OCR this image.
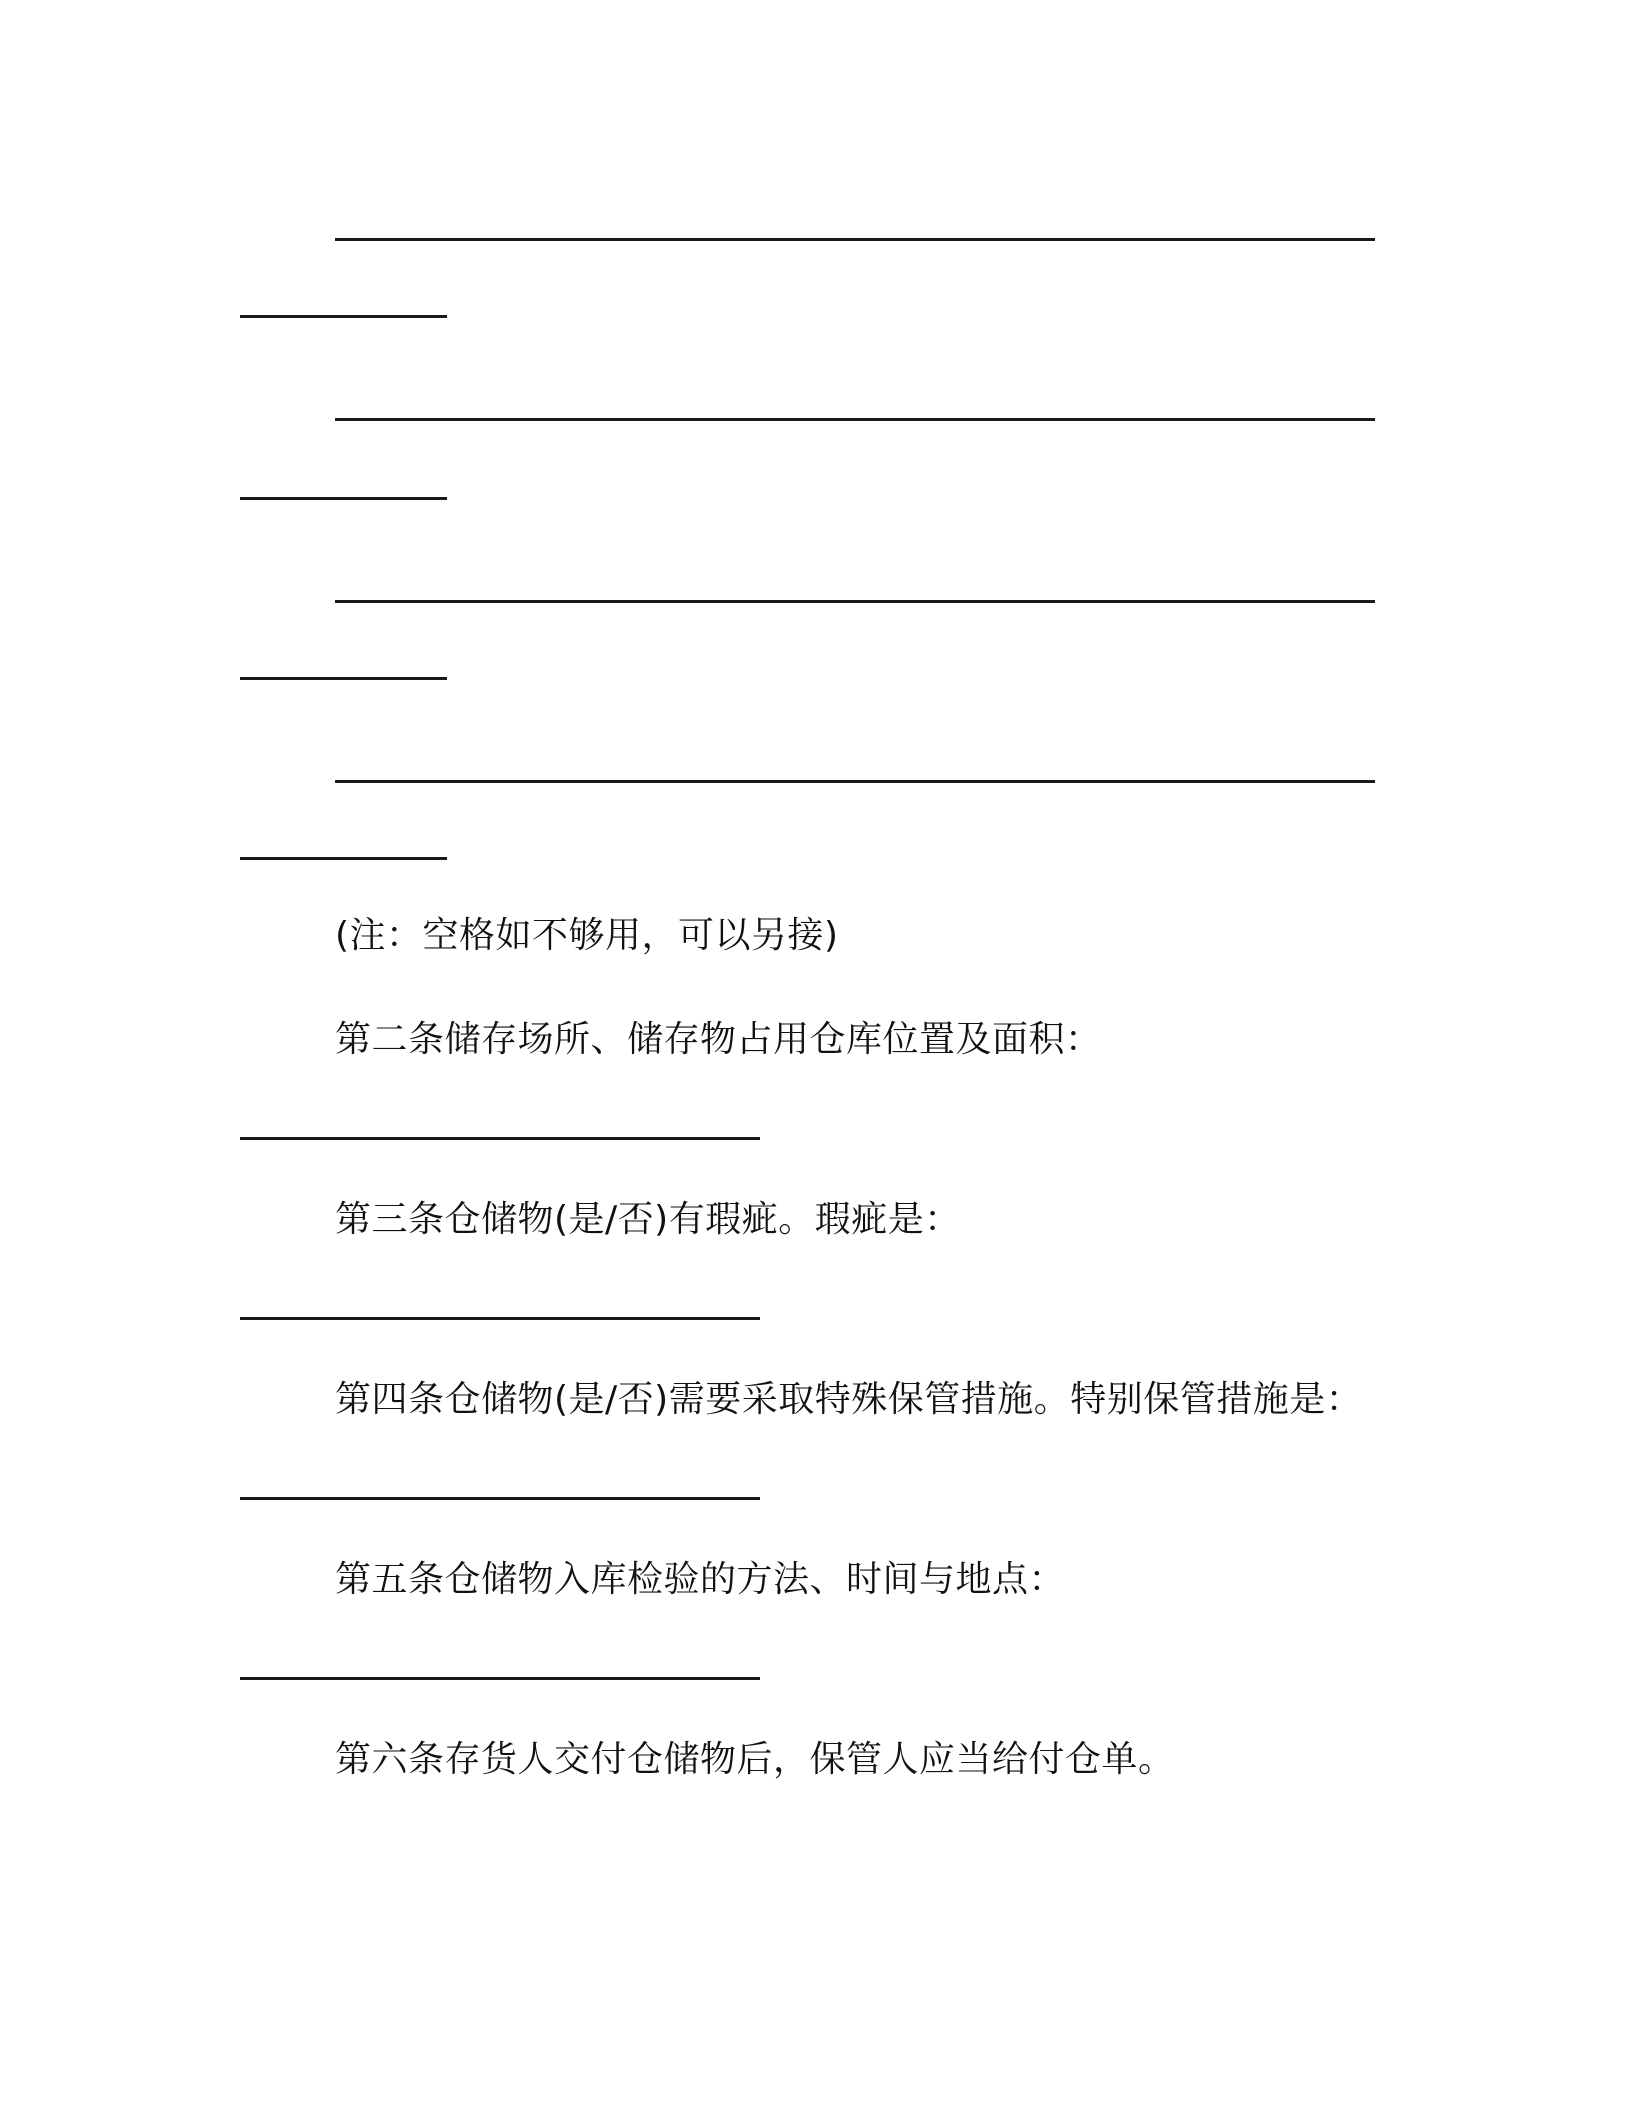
(注：空格如不够用，可以另接)
第二条储存场所、储存物占用仓库位置及面积：
第三条仓储物(是/否)有瑕疵。瑕疵是：
第四条仓储物(是/否)需要采取特殊保管措施。特别保管措施是：
第五条仓储物入库检验的方法、时间与地点：
第六条存货人交付仓储物后，保管人应当给付仓单。
